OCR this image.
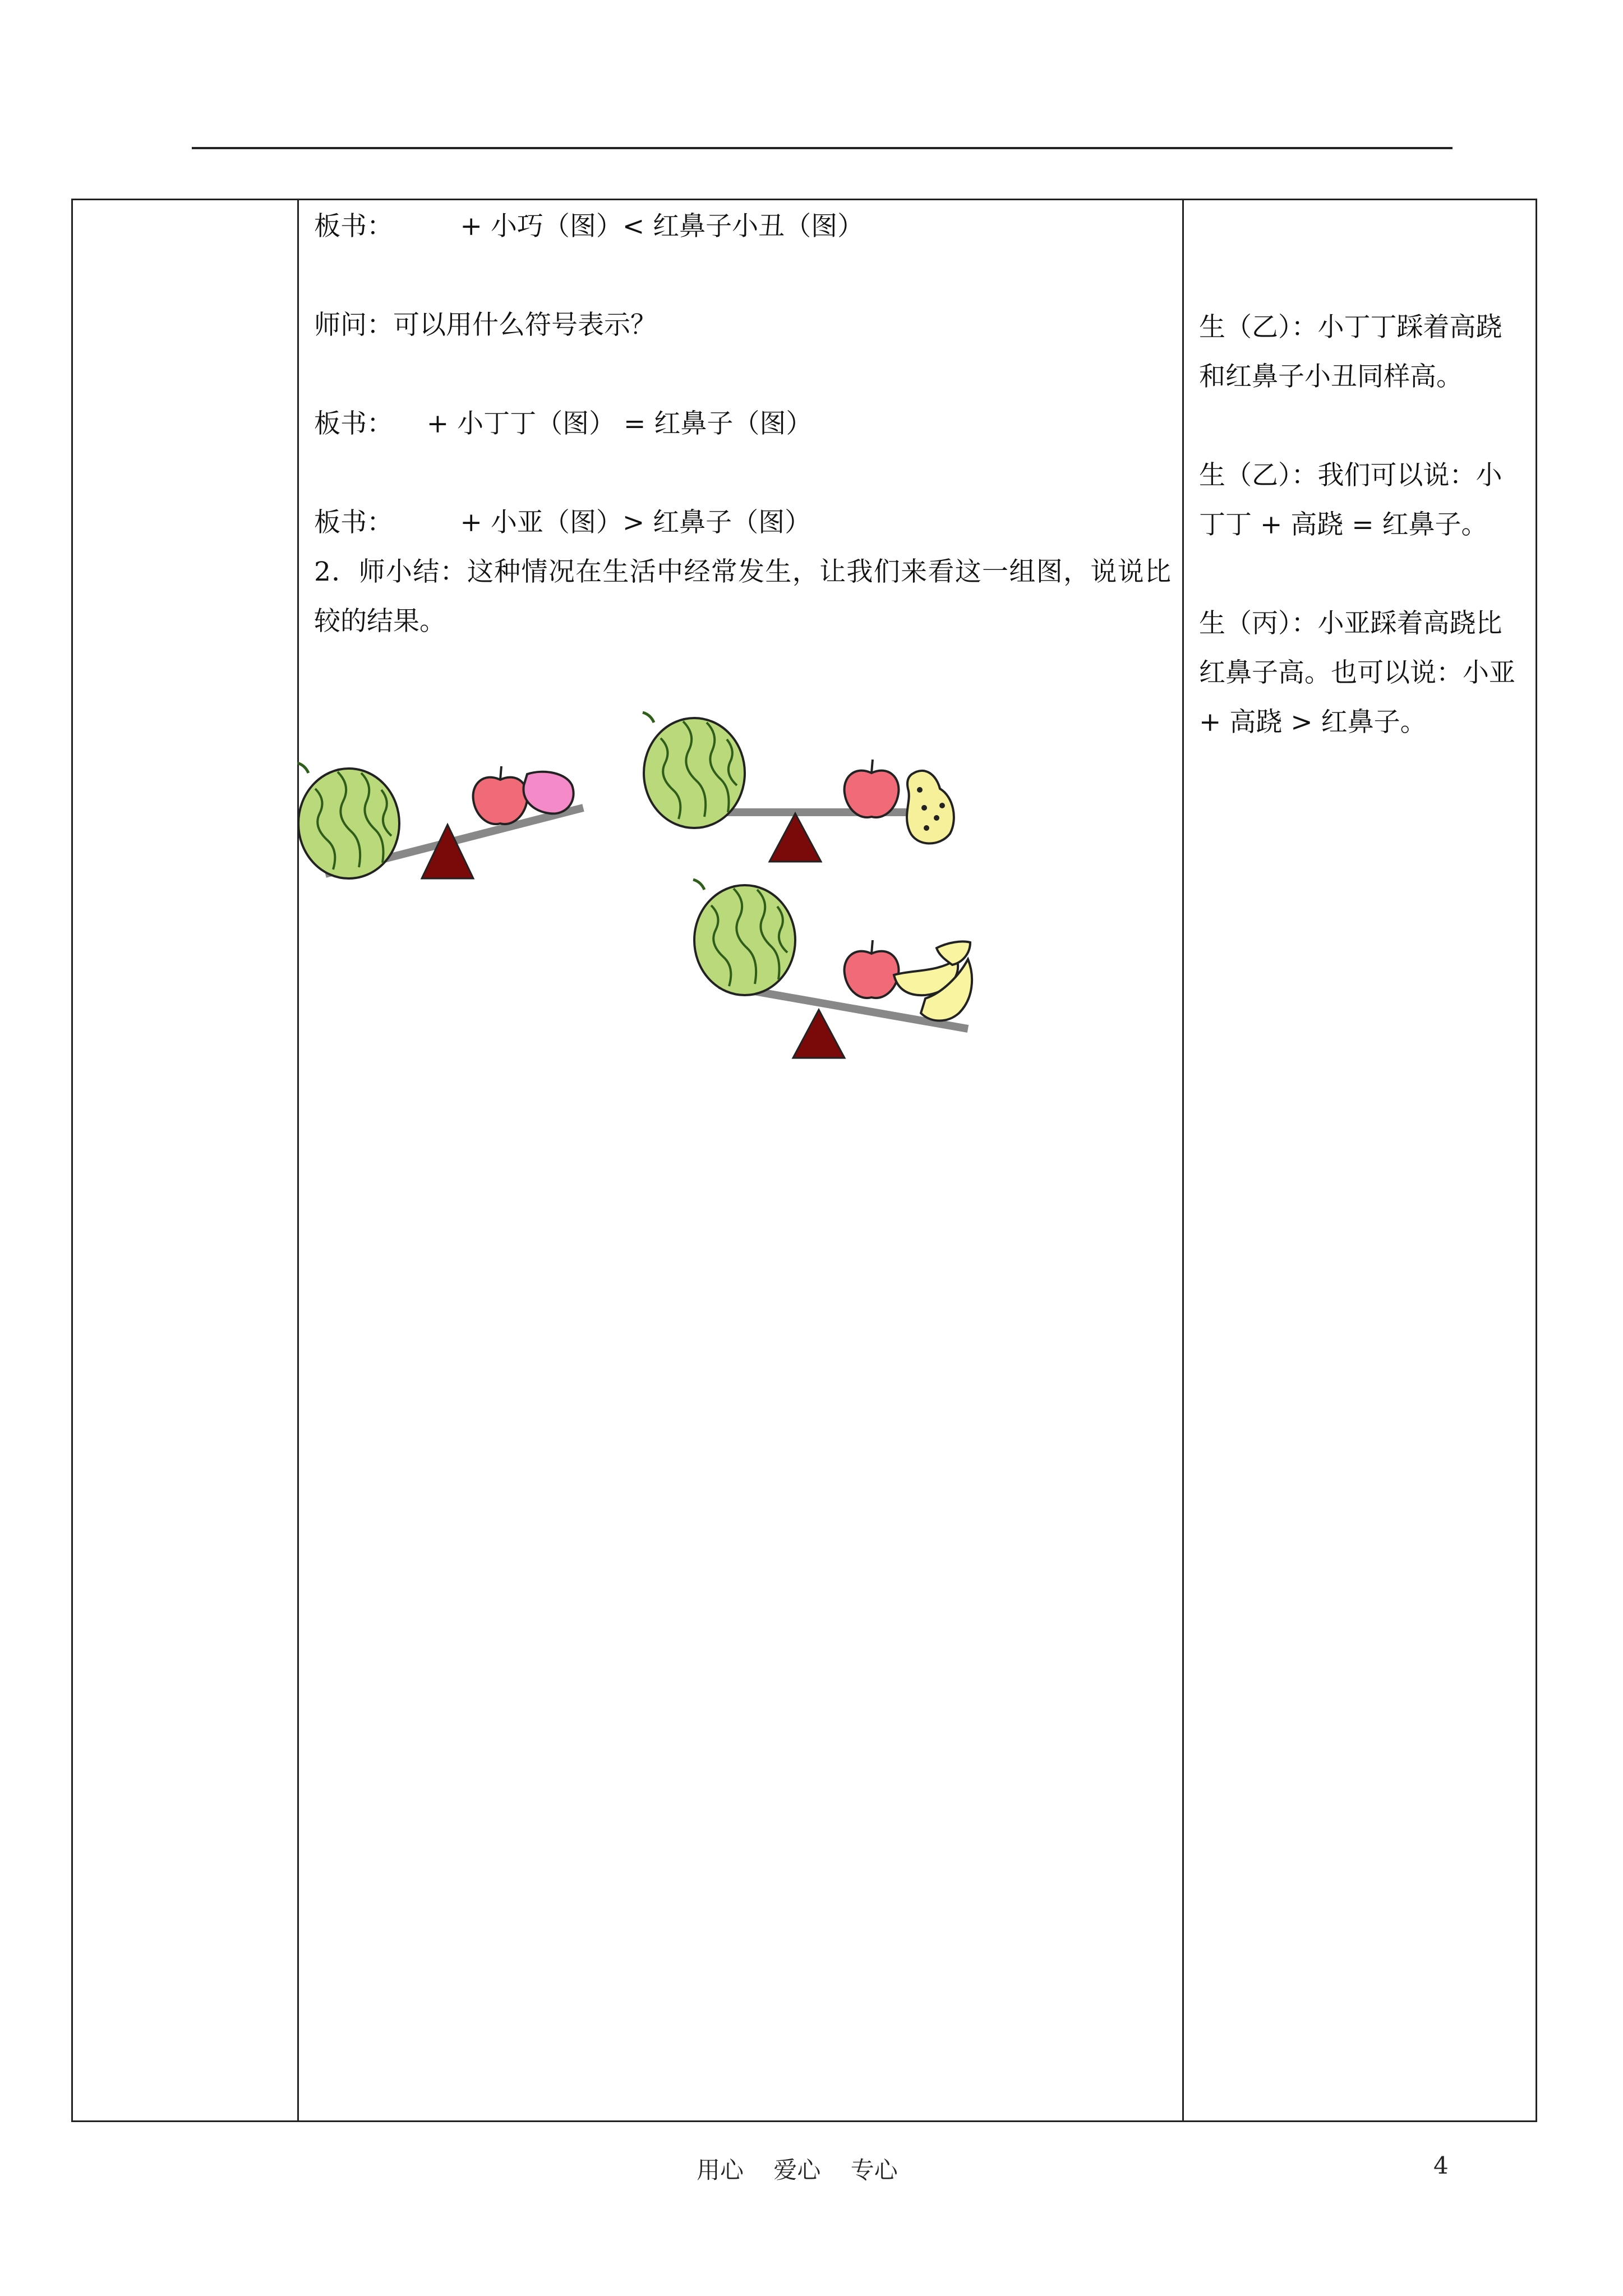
板书：        + 小巧（图）< 红鼻子小丑（图）
师问：可以用什么符号表示？
板书：    + 小丁丁（图） = 红鼻子（图）
板书：        + 小亚（图）> 红鼻子（图）
2．师小结：这种情况在生活中经常发生，让我们来看这一组图，说说比较的结果。
生（乙）：小丁丁踩着高跷和红鼻子小丑同样高。
生（乙）：我们可以说：小丁丁 + 高跷 = 红鼻子。
生（丙）：小亚踩着高跷比红鼻子高。也可以说：小亚 + 高跷 > 红鼻子。
用心    爱心    专心	4
